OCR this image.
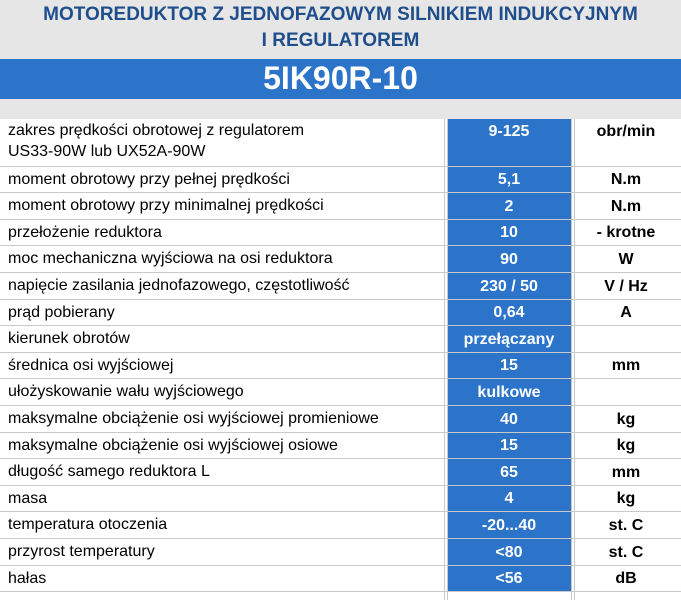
MOTOREDUKTOR Z JEDNOFAZOWYM SILNIKIEM INDUKCYJNYM
I REGULATOREM
5IK90R-10
zakres prędkości obrotowej z regulatorem
US33-90W lub UX52A-90W
9-125	obr/min
moment obrotowy przy pełnej prędkości	5,1	N.m
moment obrotowy przy minimalnej prędkości	2	N.m
przełożenie reduktora	10	- krotne
moc mechaniczna wyjściowa na osi reduktora	90	W
napięcie zasilania jednofazowego, częstotliwość	230 / 50	V / Hz
prąd pobierany	0,64	A
kierunek obrotów	przełączany
średnica osi wyjściowej	15	mm
ułożyskowanie wału wyjściowego	kulkowe
maksymalne obciążenie osi wyjściowej promieniowe	40	kg
maksymalne obciążenie osi wyjściowej osiowe	15	kg
długość samego reduktora L	65	mm
masa	4	kg
temperatura otoczenia	-20...40	st. C
przyrost temperatury	<80	st. C
hałas	<56	dB
